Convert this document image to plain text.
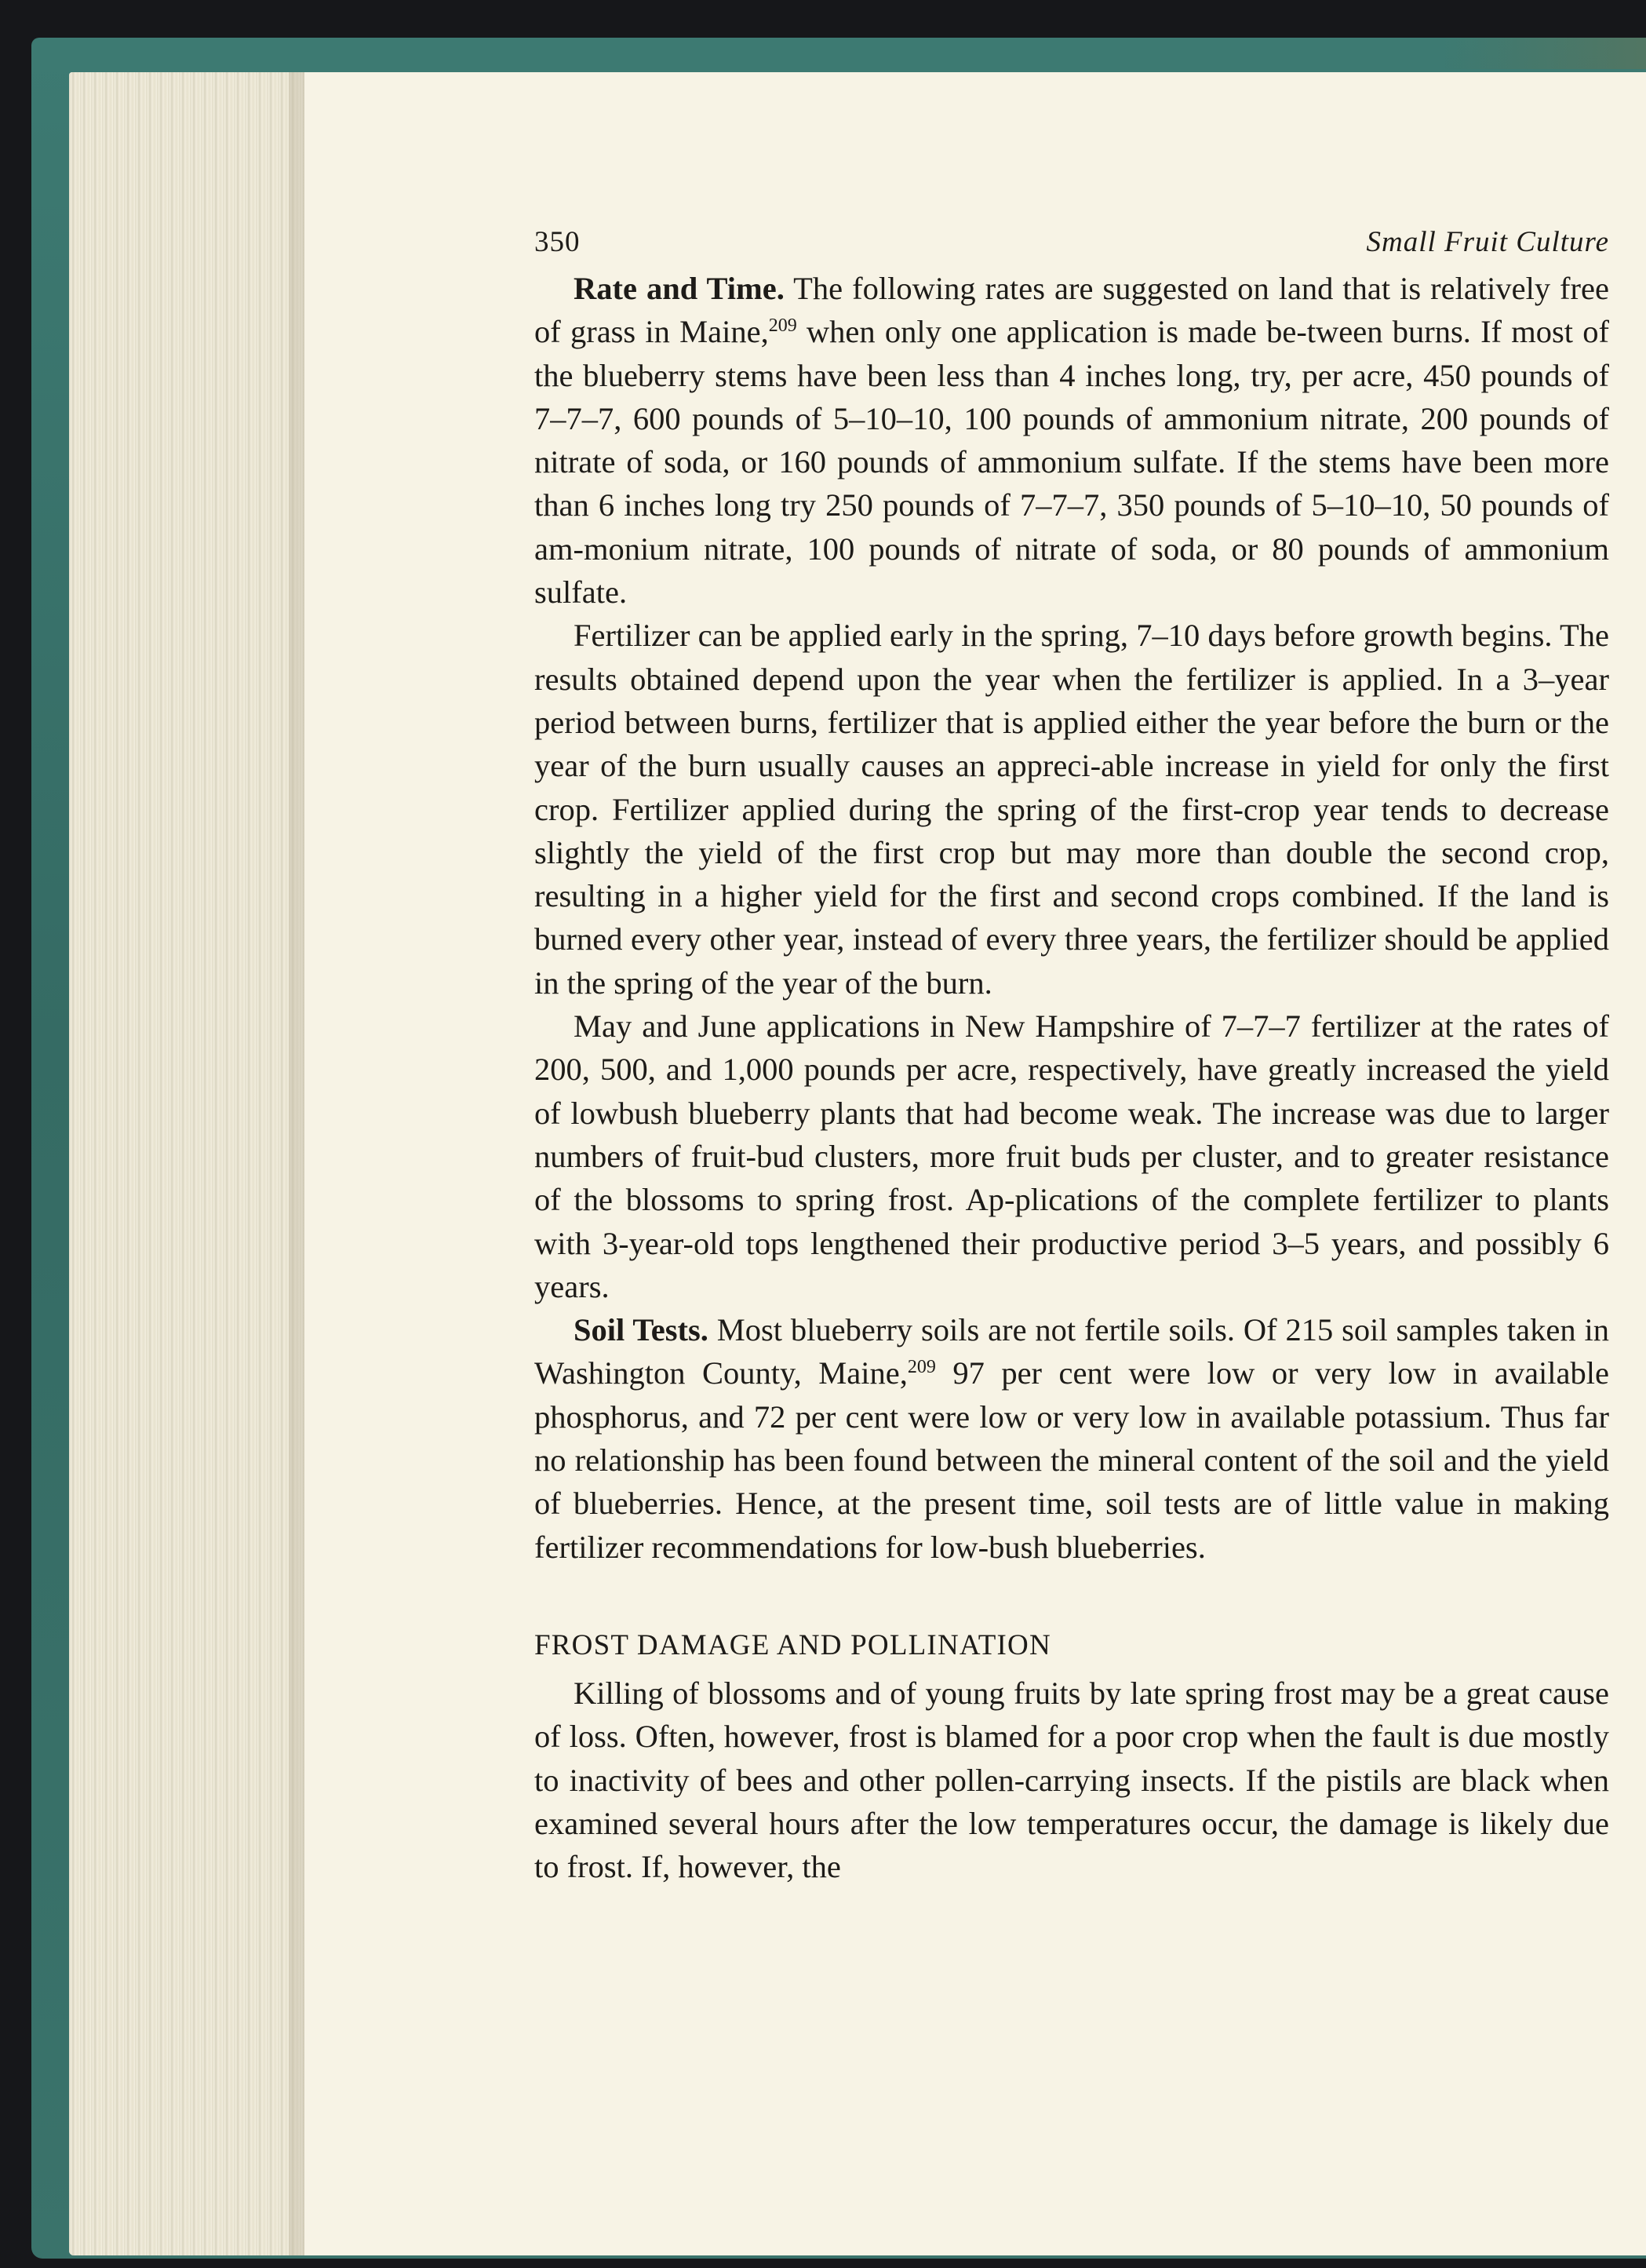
350	Small Fruit Culture

Rate and Time. The following rates are suggested on land that is relatively free of grass in Maine,$^{209}$ when only one application is made be-tween burns. If most of the blueberry stems have been less than 4 inches long, try, per acre, 450 pounds of 7–7–7, 600 pounds of 5–10–10, 100 pounds of ammonium nitrate, 200 pounds of nitrate of soda, or 160 pounds of ammonium sulfate. If the stems have been more than 6 inches long try 250 pounds of 7–7–7, 350 pounds of 5–10–10, 50 pounds of am-monium nitrate, 100 pounds of nitrate of soda, or 80 pounds of ammonium sulfate.

Fertilizer can be applied early in the spring, 7–10 days before growth begins. The results obtained depend upon the year when the fertilizer is applied. In a 3–year period between burns, fertilizer that is applied either the year before the burn or the year of the burn usually causes an appreci-able increase in yield for only the first crop. Fertilizer applied during the spring of the first-crop year tends to decrease slightly the yield of the first crop but may more than double the second crop, resulting in a higher yield for the first and second crops combined. If the land is burned every other year, instead of every three years, the fertilizer should be applied in the spring of the year of the burn.

May and June applications in New Hampshire of 7–7–7 fertilizer at the rates of 200, 500, and 1,000 pounds per acre, respectively, have greatly increased the yield of lowbush blueberry plants that had become weak. The increase was due to larger numbers of fruit-bud clusters, more fruit buds per cluster, and to greater resistance of the blossoms to spring frost. Ap-plications of the complete fertilizer to plants with 3-year-old tops lengthened their productive period 3–5 years, and possibly 6 years.

Soil Tests. Most blueberry soils are not fertile soils. Of 215 soil samples taken in Washington County, Maine,$^{209}$ 97 per cent were low or very low in available phosphorus, and 72 per cent were low or very low in available potassium. Thus far no relationship has been found between the mineral content of the soil and the yield of blueberries. Hence, at the present time, soil tests are of little value in making fertilizer recommendations for low-bush blueberries.

FROST DAMAGE AND POLLINATION

Killing of blossoms and of young fruits by late spring frost may be a great cause of loss. Often, however, frost is blamed for a poor crop when the fault is due mostly to inactivity of bees and other pollen-carrying insects. If the pistils are black when examined several hours after the low temperatures occur, the damage is likely due to frost. If, however, the
